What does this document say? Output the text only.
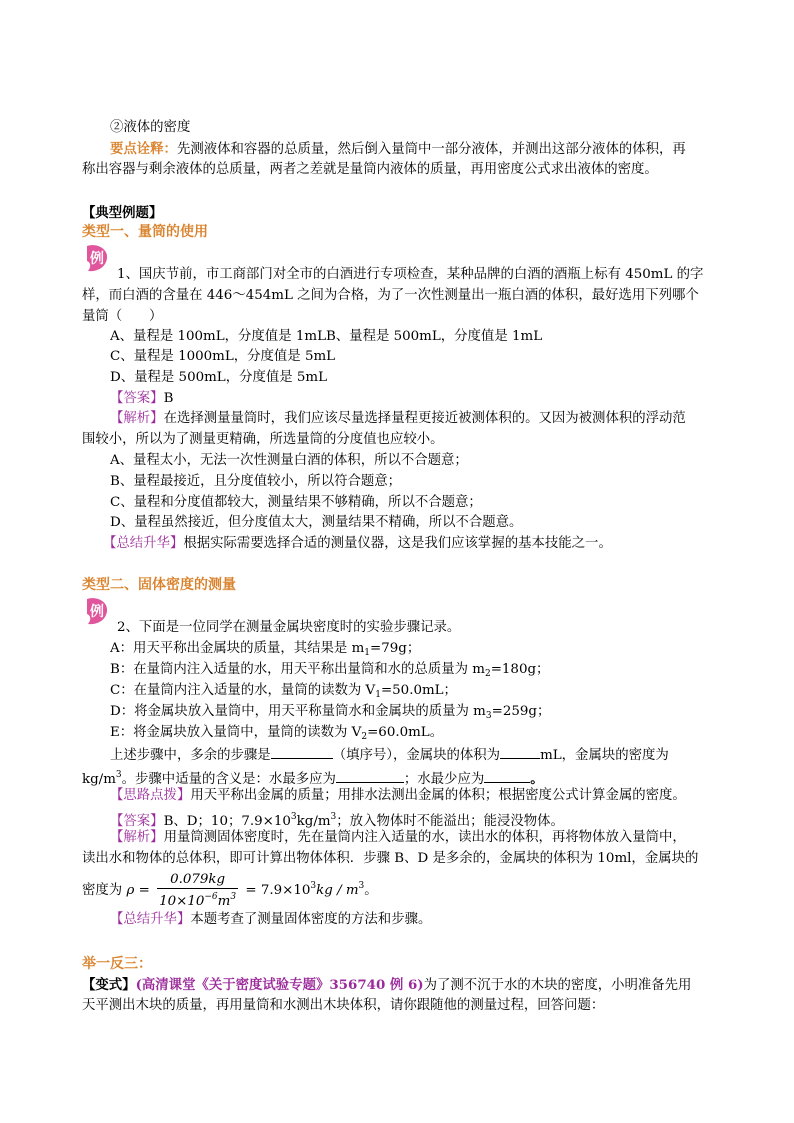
②液体的密度
要点诠释：先测液体和容器的总质量，然后倒入量筒中一部分液体，并测出这部分液体的体积，再
称出容器与剩余液体的总质量，两者之差就是量筒内液体的质量，再用密度公式求出液体的密度。
【典型例题】
类型一、量筒的使用
例
1、国庆节前，市工商部门对全市的白酒进行专项检查，某种品牌的白酒的酒瓶上标有 450mL 的字
样，而白酒的含量在 446～454mL 之间为合格，为了一次性测量出一瓶白酒的体积，最好选用下列哪个
量筒（　　）
A、量程是 100mL，分度值是 1mLB、量程是 500mL，分度值是 1mL
C、量程是 1000mL，分度值是 5mL
D、量程是 500mL，分度值是 5mL
【答案】B
【解析】在选择测量量筒时，我们应该尽量选择量程更接近被测体积的。又因为被测体积的浮动范
围较小，所以为了测量更精确，所选量筒的分度值也应较小。
A、量程太小，无法一次性测量白酒的体积，所以不合题意；
B、量程最接近，且分度值较小，所以符合题意；
C、量程和分度值都较大，测量结果不够精确，所以不合题意；
D、量程虽然接近，但分度值太大，测量结果不精确，所以不合题意。
【总结升华】根据实际需要选择合适的测量仪器，这是我们应该掌握的基本技能之一。
类型二、固体密度的测量
例
2、下面是一位同学在测量金属块密度时的实验步骤记录。
A：用天平称出金属块的质量，其结果是 $m_1=79g$；
B：在量筒内注入适量的水，用天平称出量筒和水的总质量为 $m_2=180g$；
C：在量筒内注入适量的水，量筒的读数为 $V_1=50.0mL$；
D：将金属块放入量筒中，用天平称量筒水和金属块的质量为 $m_3=259g$；
E：将金属块放入量筒中，量筒的读数为 $V_2=60.0mL$。
上述步骤中，多余的步骤是	（填序号），金属块的体积为	mL，金属块的密度为
$kg/m^3$。步骤中适量的含义是：水最多应为	；水最少应为	。
【思路点拨】用天平称出金属的质量；用排水法测出金属的体积；根据密度公式计算金属的密度。
【答案】B、D；10；$7.9\times 10^3kg/m^3$；放入物体时不能溢出；能浸没物体。
【解析】用量筒测固体密度时，先在量筒内注入适量的水，读出水的体积，再将物体放入量筒中，
读出水和物体的总体积，即可计算出物体体积．步骤 B、D 是多余的，金属块的体积为 10ml，金属块的
密度为 $\rho = \frac{0.079kg}{10\times 10^{-6}m^3} = 7.9\times 10^3kg / m^3$。
【总结升华】本题考查了测量固体密度的方法和步骤。
举一反三：
【变式】(高清课堂《关于密度试验专题》356740 例 6)为了测不沉于水的木块的密度，小明准备先用
天平测出木块的质量，再用量筒和水测出木块体积，请你跟随他的测量过程，回答问题：
